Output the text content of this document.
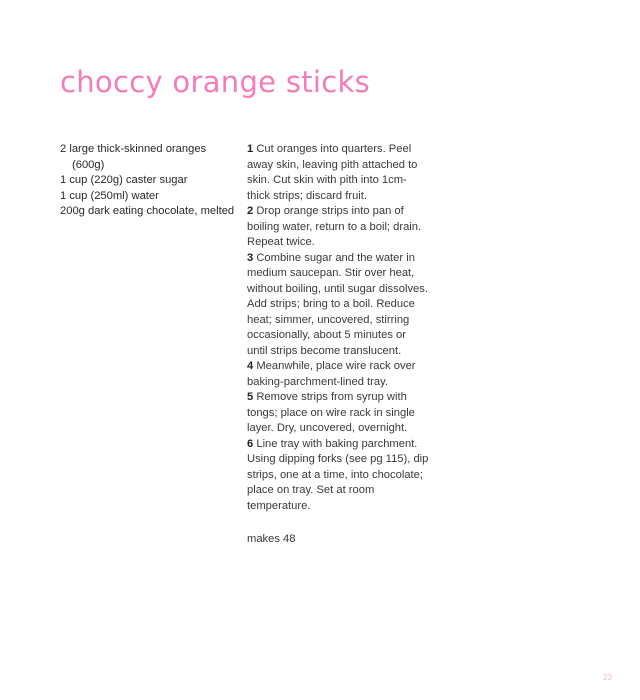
choccy orange sticks
2 large thick-skinned oranges (600g)
1 cup (220g) caster sugar
1 cup (250ml) water
200g dark eating chocolate, melted
1 Cut oranges into quarters. Peel away skin, leaving pith attached to skin. Cut skin with pith into 1cm-thick strips; discard fruit.
2 Drop orange strips into pan of boiling water, return to a boil; drain. Repeat twice.
3 Combine sugar and the water in medium saucepan. Stir over heat, without boiling, until sugar dissolves. Add strips; bring to a boil. Reduce heat; simmer, uncovered, stirring occasionally, about 5 minutes or until strips become translucent.
4 Meanwhile, place wire rack over baking-parchment-lined tray.
5 Remove strips from syrup with tongs; place on wire rack in single layer. Dry, uncovered, overnight.
6 Line tray with baking parchment. Using dipping forks (see pg 115), dip strips, one at a time, into chocolate; place on tray. Set at room temperature.
makes 48
23
